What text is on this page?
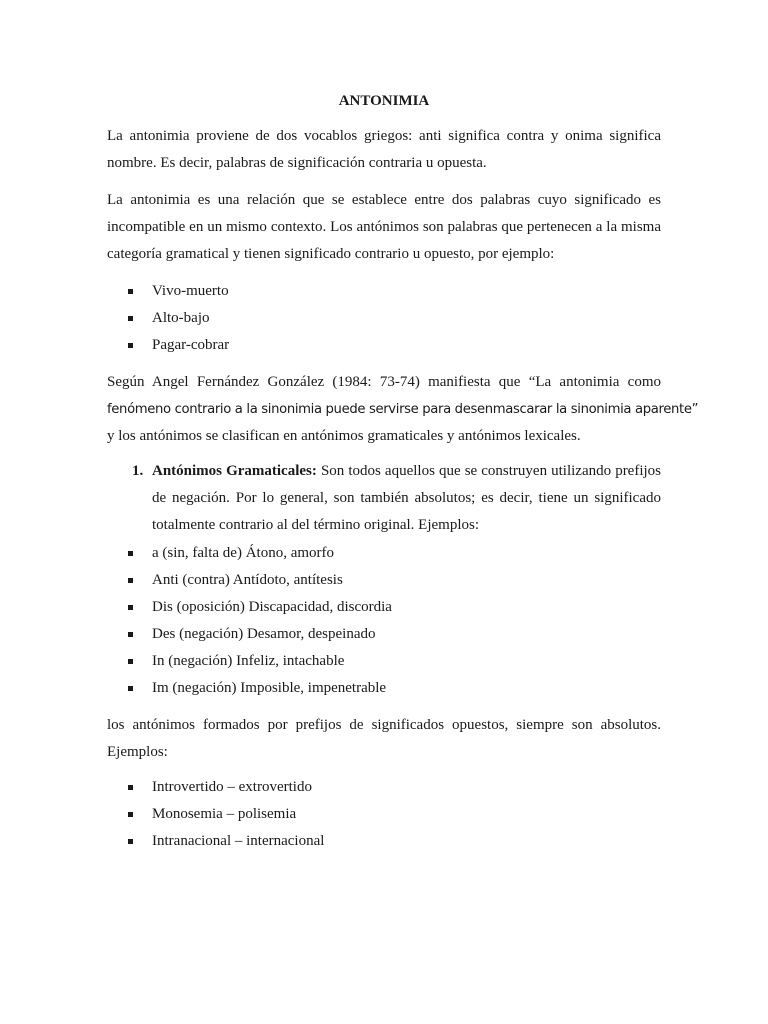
ANTONIMIA

La antonimia proviene de dos vocablos griegos: anti significa contra y onima significa nombre. Es decir, palabras de significación contraria u opuesta.

La antonimia es una relación que se establece entre dos palabras cuyo significado es incompatible en un mismo contexto. Los antónimos son palabras que pertenecen a la misma categoría gramatical y tienen significado contrario u opuesto, por ejemplo:

Vivo-muerto
Alto-bajo
Pagar-cobrar

Según Angel Fernández González (1984: 73-74) manifiesta que “La antonimia como

fenómeno contrario a la sinonimia puede servirse para desenmascarar la sinonimia aparente”

y los antónimos se clasifican en antónimos gramaticales y antónimos lexicales.

1. Antónimos Gramaticales: Son todos aquellos que se construyen utilizando prefijos de negación. Por lo general, son también absolutos; es decir, tiene un significado totalmente contrario al del término original. Ejemplos:
a (sin, falta de) Átono, amorfo
Anti (contra) Antídoto, antítesis
Dis (oposición) Discapacidad, discordia
Des (negación) Desamor, despeinado
In (negación) Infeliz, intachable
Im (negación) Imposible, impenetrable

los antónimos formados por prefijos de significados opuestos, siempre son absolutos. Ejemplos:

Introvertido – extrovertido
Monosemia – polisemia
Intranacional – internacional
